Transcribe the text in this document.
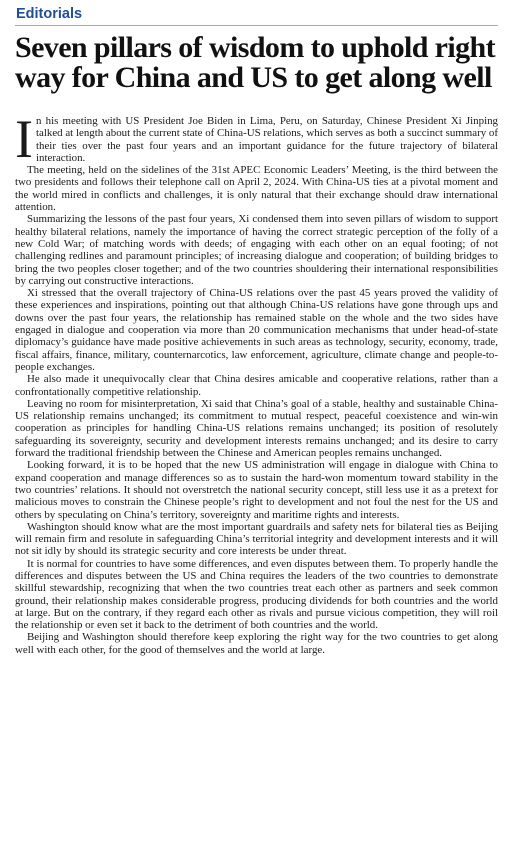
Editorials
Seven pillars of wisdom to uphold right way for China and US to get along well

In his meeting with US President Joe Biden in Lima, Peru, on Saturday, Chinese President Xi Jinping talked at length about the current state of China-US relations, which serves as both a succinct summary of their ties over the past four years and an important guidance for the future trajectory of bilateral interaction.

The meeting, held on the sidelines of the 31st APEC Economic Leaders’ Meeting, is the third between the two presidents and follows their telephone call on April 2, 2024. With China-US ties at a pivotal moment and the world mired in conflicts and challenges, it is only natural that their exchange should draw international attention.

Summarizing the lessons of the past four years, Xi condensed them into seven pillars of wisdom to support healthy bilateral relations, namely the importance of having the correct strategic perception of the folly of a new Cold War; of matching words with deeds; of engaging with each other on an equal footing; of not challenging redlines and paramount principles; of increasing dialogue and cooperation; of building bridges to bring the two peoples closer together; and of the two countries shouldering their international responsibilities by carrying out constructive interactions.

Xi stressed that the overall trajectory of China-US relations over the past 45 years proved the validity of these experiences and inspirations, pointing out that although China-US relations have gone through ups and downs over the past four years, the relationship has remained stable on the whole and the two sides have engaged in dialogue and cooperation via more than 20 communication mechanisms that under head-of-state diplomacy’s guidance have made positive achievements in such areas as technology, security, economy, trade, fiscal affairs, finance, military, counternarcotics, law enforcement, agriculture, climate change and people-to-people exchanges.

He also made it unequivocally clear that China desires amicable and cooperative relations, rather than a confrontationally competitive relationship.

Leaving no room for misinterpretation, Xi said that China’s goal of a stable, healthy and sustainable China-US relationship remains unchanged; its commitment to mutual respect, peaceful coexistence and win-win cooperation as principles for handling China-US relations remains unchanged; its position of resolutely safeguarding its sovereignty, security and development interests remains unchanged; and its desire to carry forward the traditional friendship between the Chinese and American peoples remains unchanged.

Looking forward, it is to be hoped that the new US administration will engage in dialogue with China to expand cooperation and manage differences so as to sustain the hard-won momentum toward stability in the two countries’ relations. It should not overstretch the national security concept, still less use it as a pretext for malicious moves to constrain the Chinese people’s right to development and not foul the nest for the US and others by speculating on China’s territory, sovereignty and maritime rights and interests.

Washington should know what are the most important guardrails and safety nets for bilateral ties as Beijing will remain firm and resolute in safeguarding China’s territorial integrity and development interests and it will not sit idly by should its strategic security and core interests be under threat.

It is normal for countries to have some differences, and even disputes between them. To properly handle the differences and disputes between the US and China requires the leaders of the two countries to demonstrate skillful stewardship, recognizing that when the two countries treat each other as partners and seek common ground, their relationship makes considerable progress, producing dividends for both countries and the world at large. But on the contrary, if they regard each other as rivals and pursue vicious competition, they will roil the relationship or even set it back to the detriment of both countries and the world.

Beijing and Washington should therefore keep exploring the right way for the two countries to get along well with each other, for the good of themselves and the world at large.
